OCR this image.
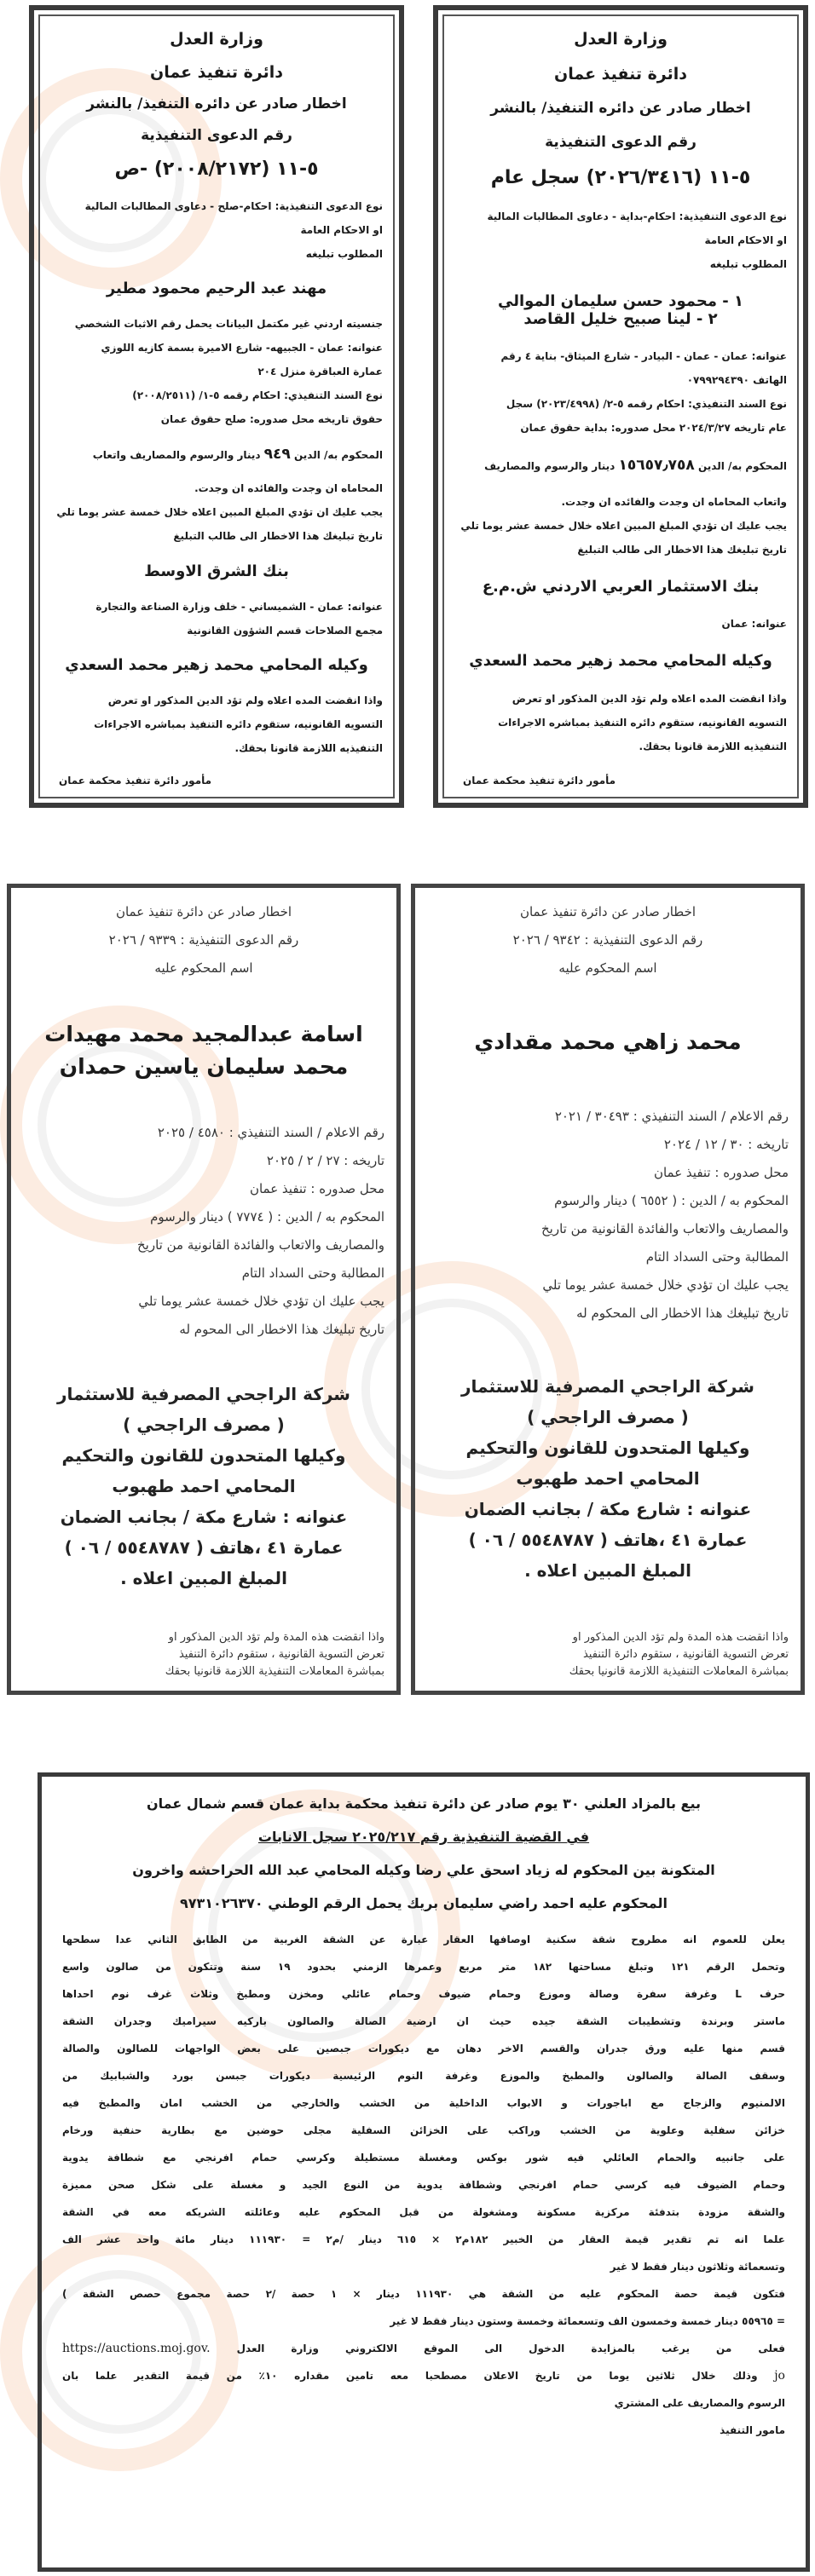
وزارة العدل
دائرة تنفيذ عمان
اخطار صادر عن دائره التنفيذ/ بالنشر
رقم الدعوى التنفيذية
٥-١١ (٢٠٢٦/٣٤١٦) سجل عام
نوع الدعوى التنفيذية: احكام-بداية - دعاوى المطالبات المالية
او الاحكام العامة
المطلوب تبليغه
١ - محمود حسن سليمان الموالي
٢ - لينا صبيح خليل القاصد
عنوانه: عمان - عمان - البيادر - شارع الميثاق- بناية ٤ رقم
الهاتف ٠٧٩٩٢٩٤٣٩٠
نوع السند التنفيذي: احكام رقمه ٥-٢/ (٢٠٢٣/٤٩٩٨) سجل
عام تاريخه ٢٠٢٤/٣/٢٧ محل صدوره: بداية حقوق عمان
المحكوم به/ الدين ١٥٦٥٧٫٧٥٨ دينار والرسوم والمصاريف
واتعاب المحاماه ان وجدت والفائده ان وجدت.
يجب عليك ان تؤدي المبلغ المبين اعلاه خلال خمسة عشر يوما تلي
تاريخ تبليغك هذا الاخطار الى طالب التبليغ
بنك الاستثمار العربي الاردني ش.م.ع
عنوانه: عمان
وكيله المحامي محمد زهير محمد السعدي
واذا انقضت المده اعلاه ولم تؤد الدين المذكور او تعرض
التسويه القانونيه، ستقوم دائره التنفيذ بمباشره الاجراءات
التنفيذيه اللازمة قانونا بحقك.
مأمور دائرة تنفيذ محكمة عمان
وزارة العدل
دائرة تنفيذ عمان
اخطار صادر عن دائره التنفيذ/ بالنشر
رقم الدعوى التنفيذية
٥-١١ (٢٠٠٨/٢١٧٢) -ص
نوع الدعوى التنفيذية: احكام-صلح - دعاوى المطالبات المالية
او الاحكام العامة
المطلوب تبليغه
مهند عبد الرحيم محمود مطير
جنسيته اردني غير مكتمل البيانات يحمل رقم الاثبات الشخصي
عنوانه: عمان - الجبيهه- شارع الاميرة بسمة كازيه اللوزي
عمارة العباقرة منزل ٢٠٤
نوع السند التنفيذي: احكام رقمه ٥-١/ (٢٠٠٨/٢٥١١)
حقوق تاريخه محل صدوره: صلح حقوق عمان
المحكوم به/ الدين ٩٤٩ دينار والرسوم والمصاريف واتعاب
المحاماه ان وجدت والفائده ان وجدت.
يجب عليك ان تؤدي المبلغ المبين اعلاه خلال خمسة عشر يوما تلي
تاريخ تبليغك هذا الاخطار الى طالب التبليغ
بنك الشرق الاوسط
عنوانه: عمان - الشميساني - خلف وزارة الصناعة والتجارة
مجمع الصلاحات قسم الشؤون القانونية
وكيله المحامي محمد زهير محمد السعدي
واذا انقضت المده اعلاه ولم تؤد الدين المذكور او تعرض
التسويه القانونيه، ستقوم دائره التنفيذ بمباشره الاجراءات
التنفيذيه اللازمة قانونا بحقك.
مأمور دائرة تنفيذ محكمة عمان
اخطار صادر عن دائرة تنفيذ عمان
رقم الدعوى التنفيذية : ٩٣٤٢ / ٢٠٢٦
اسم المحكوم عليه
محمد زاهي محمد مقدادي
رقم الاعلام / السند التنفيذي : ٣٠٤٩٣ / ٢٠٢١
تاريخه : ٣٠ / ١٢ / ٢٠٢٤
محل صدوره : تنفيذ عمان
المحكوم به / الدين : ( ٦٥٥٢ ) دينار والرسوم
والمصاريف والاتعاب والفائدة القانونية من تاريخ
المطالبة وحتى السداد التام
يجب عليك ان تؤدي خلال خمسة عشر يوما تلي
تاريخ تبليغك هذا الاخطار الى المحكوم له
شركة الراجحي المصرفية للاستثمار
( مصرف الراجحي )
وكيلها المتحدون للقانون والتحكيم
المحامي احمد طهبوب
عنوانه : شارع مكة / بجانب الضمان
عمارة ٤١ ،هاتف ( ٥٥٤٨٧٨٧ / ٠٦ )
المبلغ المبين اعلاه .
واذا انقضت هذه المدة ولم تؤد الدين المذكور او
تعرض التسوية القانونية ، ستقوم دائرة التنفيذ
بمباشرة المعاملات التنفيذية اللازمة قانونيا بحقك
اخطار صادر عن دائرة تنفيذ عمان
رقم الدعوى التنفيذية : ٩٣٣٩ / ٢٠٢٦
اسم المحكوم عليه
اسامة عبدالمجيد محمد مهيدات
محمد سليمان ياسين حمدان
رقم الاعلام / السند التنفيذي : ٤٥٨٠ / ٢٠٢٥
تاريخه : ٢٧ / ٢ / ٢٠٢٥
محل صدوره : تنفيذ عمان
المحكوم به / الدين : ( ٧٧٧٤ ) دينار والرسوم
والمصاريف والاتعاب والفائدة القانونية من تاريخ
المطالبة وحتى السداد التام
يجب عليك ان تؤدي خلال خمسة عشر يوما تلي
تاريخ تبليغك هذا الاخطار الى المحوم له
شركة الراجحي المصرفية للاستثمار
( مصرف الراجحي )
وكيلها المتحدون للقانون والتحكيم
المحامي احمد طهبوب
عنوانه : شارع مكة / بجانب الضمان
عمارة ٤١ ،هاتف ( ٥٥٤٨٧٨٧ / ٠٦ )
المبلغ المبين اعلاه .
واذا انقضت هذه المدة ولم تؤد الدين المذكور او
تعرض التسوية القانونية ، ستقوم دائرة التنفيذ
بمباشرة المعاملات التنفيذية اللازمة قانونيا بحقك
بيع بالمزاد العلني ٣٠ يوم صادر عن دائرة تنفيذ محكمة بداية عمان قسم شمال عمان
في القضية التنفيذية رقم ٢٠٢٥/٢١٧ سجل الانابات
المتكونة بين المحكوم له زياد اسحق علي رضا وكيله المحامي عبد الله الحراحشه واخرون
المحكوم عليه احمد راضي سليمان بريك يحمل الرقم الوطني ٩٧٣١٠٢٦٣٧٠
يعلن للعموم انه مطروح شقة سكنية اوصافها العقار عبارة عن الشقة الغربية من الطابق الثاني عدا سطحها
وتحمل الرقم ١٢١ وتبلغ مساحتها ١٨٢ متر مربع وعمرها الزمني بحدود ١٩ سنة وتتكون من صالون واسع
حرف L وغرفة سفرة وصالة وموزع وحمام ضيوف وحمام عائلي ومخزن ومطبخ وثلاث غرف نوم احداها
ماستر وبرندة وتشطيبات الشقة جيده حيث ان ارضية الصالة والصالون باركيه سيراميك وجدران الشقة
قسم منها عليه ورق جدران والقسم الاخر دهان مع ديكورات جبصين على بعض الواجهات للصالون والصالة
وسقف الصالة والصالون والمطبخ والموزع وغرفة النوم الرئيسية ديكورات جبسن بورد والشبابيك من
الالمنيوم والزجاج مع اباجورات و الابواب الداخلية من الخشب والخارجي من الخشب امان والمطبخ فيه
خزائن سفلية وعلوية من الخشب وراكب على الخزائن السفلية مجلى حوضين مع بطارية حنفية ورخام
على جانبيه والحمام العائلي فيه شور بوكس ومغسلة مستطيلة وكرسي حمام افرنجي مع شطافة يدوية
وحمام الضيوف فيه كرسي حمام افرنجي وشطافة يدوية من النوع الجيد و مغسلة على شكل صحن مميزة
والشقة مزودة بتدفئة مركزية مسكونة ومشغولة من قبل المحكوم عليه وعائلته الشريكه معه في الشقة
علما انه تم تقدير قيمة العقار من الخبير ١٨٢م٢ × ٦١٥ دينار /م٢ = ١١١٩٣٠ دينار مائة واحد عشر الف
وتسعمائة وثلاثون دينار فقط لا غير
فتكون قيمة حصة المحكوم عليه من الشقة هي ١١١٩٣٠ دينار × ١ حصة /٢ حصة مجموع حصص الشقة )
= ٥٥٩٦٥ دينار خمسة وخمسون الف وتسعمائة وخمسة وستون دينار فقط لا غير
فعلى من يرغب بالمزايدة الدخول الى الموقع الالكتروني وزارة العدل https://auctions.moj.gov.
jo وذلك خلال ثلاثين يوما من تاريخ الاعلان مصطحبا معه تامين مقداره ١٠٪ من قيمة التقدير علما بان
الرسوم والمصاريف على المشتري
مامور التنفيذ
